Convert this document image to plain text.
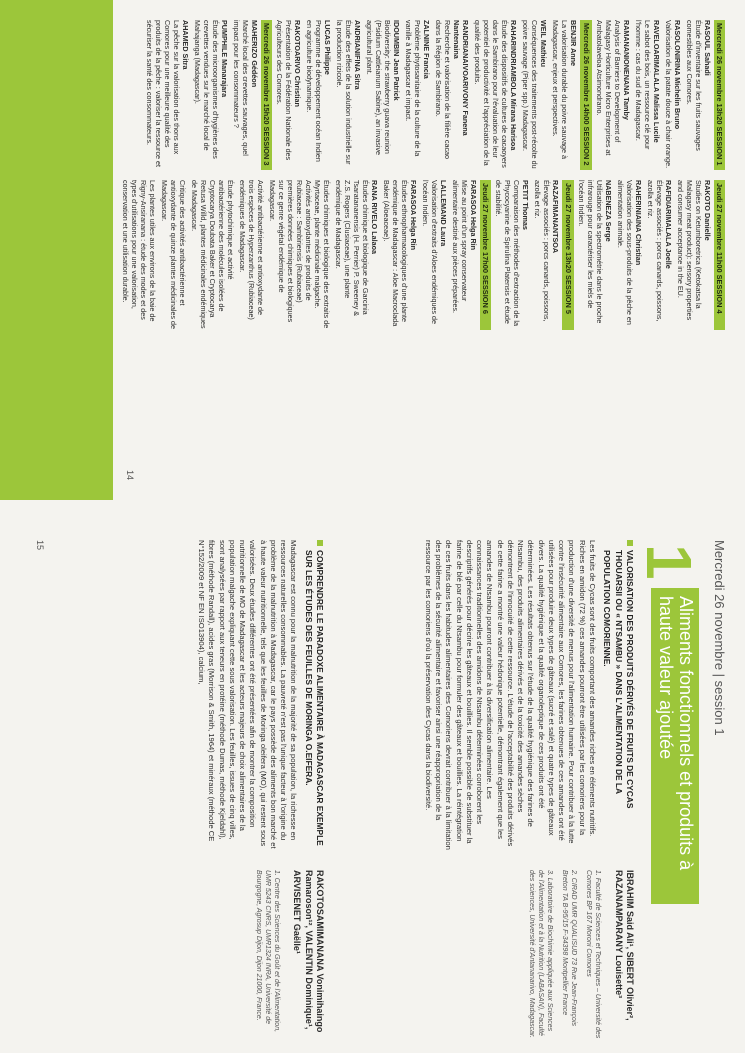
Mercredi 26 novembre 13h20 SESSION 1
RASOUL Sahadi
Étude d'inventaire sur les fruits sauvages comestibles aux Comores.
RASOLONIRINA Michelin Bruno
Valorisation de la patate douce à chair orange.
RAVELOARIMALALA Malissa Lucile
Le sabot des bois, un ressource clé pour l'homme : cas du sud de Madagascar.
RAMANANIONENANA Tamby
Analysis of Barriers to Development of Malagasy Horticulture Micro Enterprises at Ambatolaveloa Atsimondrano.
Mercredi 26 novembre 14h00 SESSION 2
BENJIR Anne
La valorisation durable du poivre sauvage à Madagascar, enjeux et perspectives.
WEIL Mathieu
Conséquences des traitements post-récolte du poivre sauvage (Piper spp.) Madagascar.
RAHARINDRIAMBOLA Mirana Harisoa
Étude des dispositifs de cultures de cacaoyers dans le Sambirano pour l'évaluation de leur potentiel de productivité et l'appréciation de la qualité des produits.
RANDRIANAIVOARIVONY Fanena Nantenaina
Recherche et valorisation de la filière cacao dans la Région de Sambirano.
ZALNINE Francia
Problème phytosanitaire de la culture de la vanille à Madagascar et impact.
IDOUMBIN Jean Patrick
Biodiversity: the strawberry guava reunion (Psidium Cattleianum Sabine), an invasive agricultural plant.
ANDRIANIFINA Sitra
Étude des effets de la solution industrielle sur la production rizicole.
LUCAS Philippe
Programme de développement océan Indien en agriculture biodynamique.
RAKOTOARIVO Christian
Présentation de la Fédération Nationale des Agriculteurs des Comores.
Mercredi 26 novembre 15h20 SESSION 3
MAHERIZO Gédéon
Marché local des crevettes sauvages, quel impact pour les consommateurs ?
PUMPHILE Manarajara
Étude des microorganismes d'hygiènes des crevettes vendues sur le marché local de Mahajanga (Madagascar).
AHAMED Sitra
La pêche sur la valorisation des thons aux Comores pour une meilleure qualité des produits de la pêche : valoriser la ressource et sécuriser la santé des consommateurs.
Jeudi 27 novembre 11h00 SESSION 4
RAKOTO Danielle
Studies on Ketumboretrica (Ketokatsa la Malagasy meat product): sensory properties and consumer acceptance in the EU.
RAFIDIARIMALALA Joelle
Élevage associés : porcs canards, poissons, azolla et riz.
RAHERINIAINA Christian
Valorisation des sous-produits de la pêche en alimentation animale.
NABENEZA Serge
Utilisation de la spectrométrie dans le proche infrarouge pour caractériser les miels de l'océan Indien.
Jeudi 27 novembre 13h20 SESSION 5
RAZAFIMANANTSOA
Élevage associés : porcs canards, poissons, azolla et riz.
PETIT Thomas
Comparaison des méthodes d'extraction de la Phycocyanine de Spirulina Platensis et étude de stabilité.
Jeudi 27 novembre 17h00 SESSION 6
FARASOA Helga Rin
Mise au point d'un spray conservateur alimentaire destiné aux pièces préparées.
LALLEMAND Laura
Valorisation d'extraits d'Aloes endémiques de l'océan Indien.
FARASOA Helga Rin
Études ethnopharmacologiques d'une plante endémique de Madagascar : Aloe Macroclada Baker (Aloeaceae).
RANA RIVELO Lalaoa
Études chimique et biologique de Garcinia Tsaratananensis (H. Perrier) P. Sweeney & Z.S. Rogers (Clusiaceae), une plante endémique de Madagascar.
Études chimiques et biologique des extraits de Myrtaceae, plante médicinale malgache. Activités antioxydantes de produits de Rubiaceae : Sambiriensis (Rubiaceae) premières données chimiques et biologiques sur ce genre végétal endémique de Madagascar.
Activité antibactérienne et antioxydante de trois espèces de Hyperzanthus (Rubiaceae) endémiques de Madagascar.
Étude phytochimique et activité antibactérienne des molécules isolées de Cryptocarya Doubata Baker et Cryptocarya Retusa Willd, plantes médicinales endémiques de Madagascar.
Critique des activités antibactérienne et antioxydante de quinze plantes médicinales de Madagascar.
Les plantes utiles aux environs de la baie de Rigny-Ansiranana : étude des modes et des types d'utilisations pour une valorisation, conservation et une utilisation durable.
14
Mercredi 26 novembre | session 1
1
Aliments fonctionnels et produits à haute valeur ajoutée
VALORISATION DES PRODUITS DÉRIVÉS DE FRUITS DE CYCAS THOUARSII OU « NTSAMBU » DANS L'ALIMENTATION DE LA POPULATION COMORIENNE.
Les fruits de Cycas sont des fruits comportant des amandes riches en éléments nutritifs. Riches en amidon (72 %) ces amandes pourront être utilisées par les comoriens pour la production d'une diversité de menus pour l'alimentation humaine. Pour contribuer à la lutte contre l'insécurité alimentaire aux Comores, les farines obtenues de ces amandes ont été utilisées pour produire deux types de gâteaux (sucré et salé) et quatre types de gâteaux divers. La qualité hygiénique et la qualité organoleptique de ces produits ont été déterminées. Les résultats obtenus sur l'étude de la qualité hygiénique des farines de Ntsambu, des produits alimentaires dérivés et de la toxicité des amandes sèches démontrent de l'innocuité de cette ressource. L'étude de l'acceptabilité des produits dérivés de cette farine a montré une valeur hédonique potentielle, démontrant également que les amandes de Ntsambu pourront contribuer à la diversification alimentaire. Les connaissances traditionnelles des amidons de Ntsambu déterminées corroborent les descriptifs générés pour décrire les gâteaux et bouillies. Il semble possible de substituer la farine de blé par celle du Ntsambu pour formuler des gâteaux et bouillies. La réintégration de ces fruits dans les habitudes alimentaires des Comoriens devrait contribuer à la limitation des problèmes de la sécurité alimentaire et favoriser ainsi une réappropriation de la ressource par les comoriens d'où la préservation des Cycas dans la biodiversité.
IBRAHIM Said Ali¹, SIBERT Olivier², RAZANAMPARANY Louisette³
1. Faculté de Sciences et Techniques – Université des Comores BP 167 Moroni Comores
2. CIRAD UMR QUALISUD 73 Rue Jean-François Breton TA B-95/15 F-34398 Montpellier France
3. Laboratoire de Biochimie appliquée aux Sciences de l'Alimentation et à la Nutrition (LABASAN), Faculté des sciences, Université d'Antananarivo, Madagascar.
COMPRENDRE LE PARADOXE ALIMENTAIRE À MADAGASCAR EXEMPLE SUR LES ÉTUDES DES FEUILLES DE MORINGA O.EIFERA.
Madagascar est connu pour la malnutrition de la majorité de sa population, la richesse en ressources naturelles consommables. La pauvreté n'est pas l'unique facteur à l'origine du problème de la malnutrition à Madagascar, car le pays possède des aliments bon marché et à haute valeur nutritionnelle, tels que les feuilles de Moringa oleifera (MO), qui restent sous valorisées. Deux études différentes ont été présentées afin de montrer la composition nutritionnelle de MO de Madagascar et les acteurs majeurs de choix alimentaires de la population malgache expliquant cette sous valorisation. Les feuilles, issues de cinq villes, sont analysées par rapport aux teneurs en protéine (méthode Dumas, méthode Kjeldahl), fibres (méthode Randall), acides gras (Morrison & Smith, 1964) et minéraux (méthode CE N°152/2009 et NF EN ISO13904), calcium,
RAKOTOSAMIMANANA Vonimihaingo Ramaroson¹², VALENTIN Dominique¹, ARVISENET Gaëlle¹
1. Centre des Sciences du Goût et de l'Alimentation, UMR 5243 CNRS, UMR1324 INRA, Université de Bourgogne, Agrosup Dijon, Dijon 21000, France.
15
